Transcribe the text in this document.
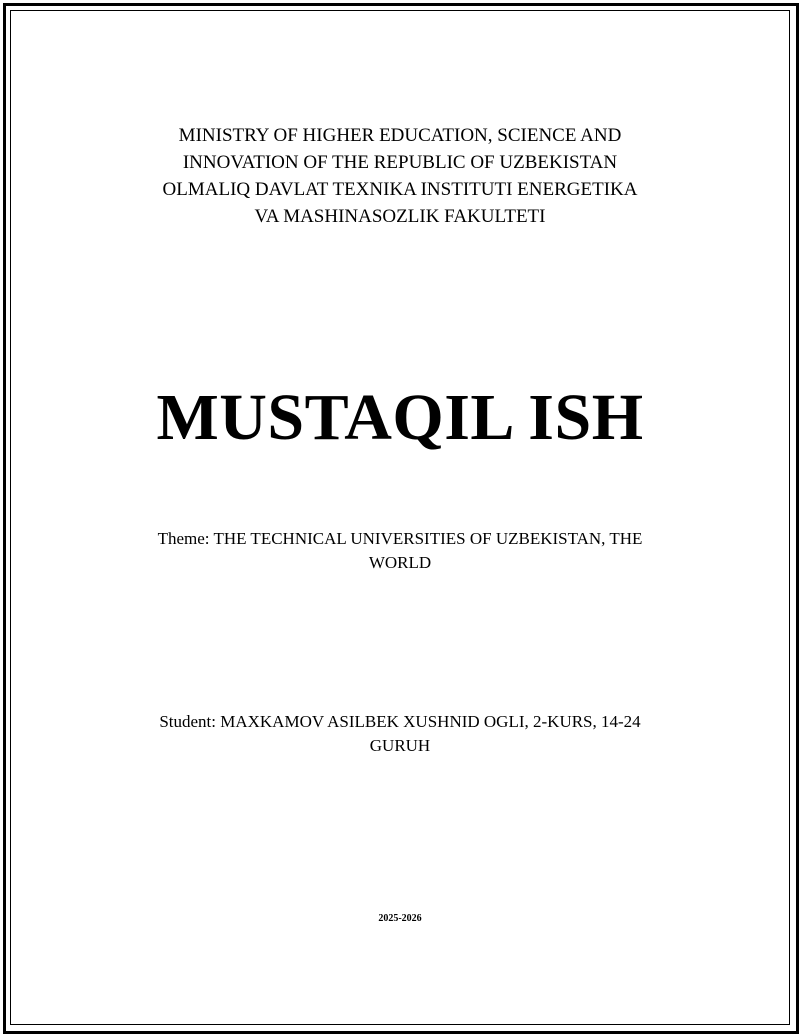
MINISTRY OF HIGHER EDUCATION, SCIENCE AND
INNOVATION OF THE REPUBLIC OF UZBEKISTAN
OLMALIQ DAVLAT TEXNIKA INSTITUTI ENERGETIKA
VA MASHINASOZLIK FAKULTETI
MUSTAQIL ISH
Theme: THE TECHNICAL UNIVERSITIES OF UZBEKISTAN, THE WORLD
Student: MAXKAMOV ASILBEK XUSHNID OGLI, 2-KURS, 14-24 GURUH
2025-2026
